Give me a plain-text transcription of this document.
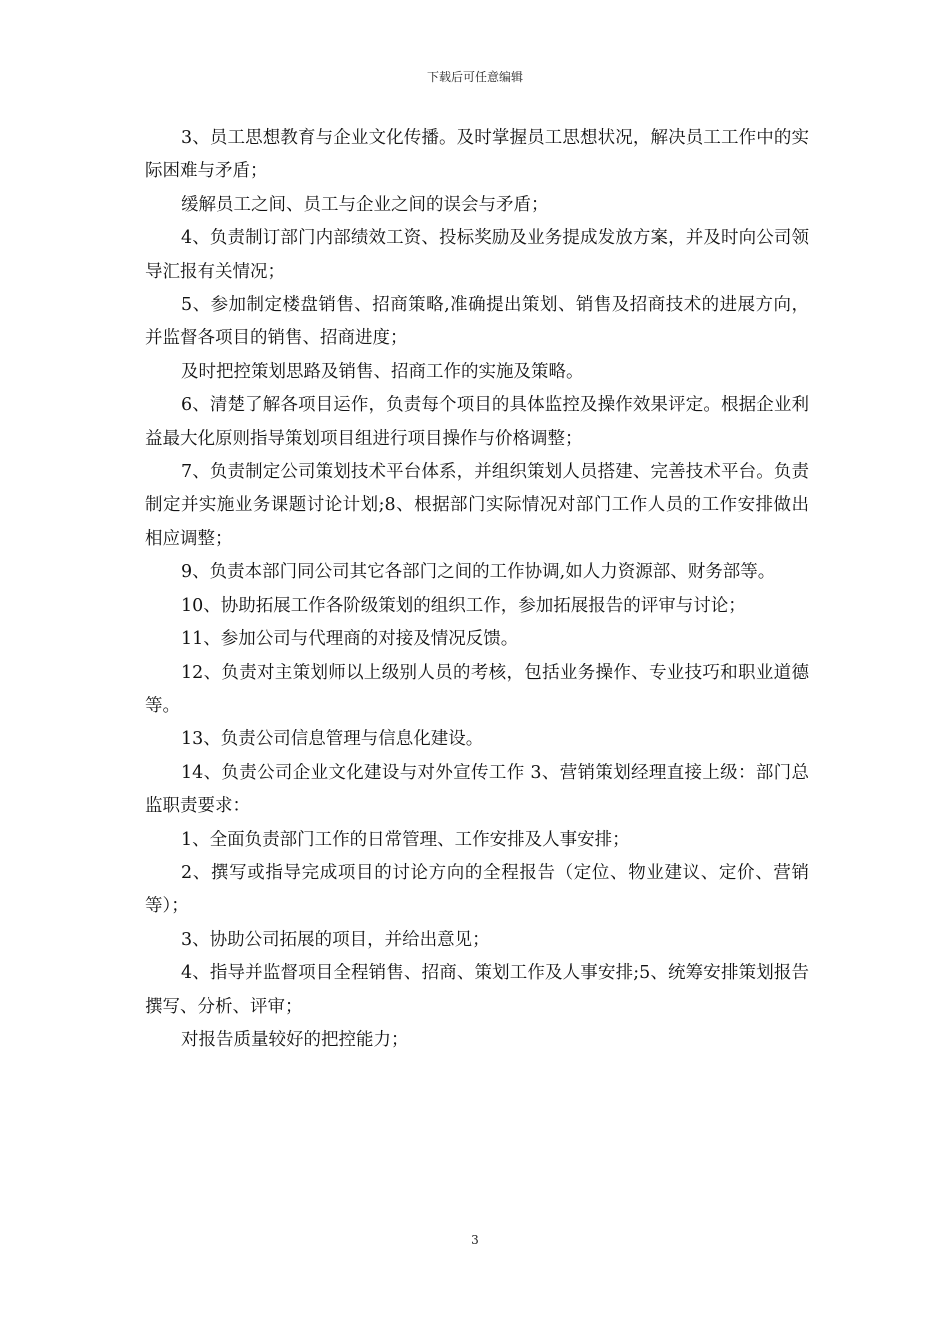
下载后可任意编辑

3、员工思想教育与企业文化传播。及时掌握员工思想状况，解决员工工作中的实际困难与矛盾；

缓解员工之间、员工与企业之间的误会与矛盾；

4、负责制订部门内部绩效工资、投标奖励及业务提成发放方案，并及时向公司领导汇报有关情况；

5、参加制定楼盘销售、招商策略,准确提出策划、销售及招商技术的进展方向，并监督各项目的销售、招商进度；

及时把控策划思路及销售、招商工作的实施及策略。

6、清楚了解各项目运作，负责每个项目的具体监控及操作效果评定。根据企业利益最大化原则指导策划项目组进行项目操作与价格调整；

7、负责制定公司策划技术平台体系，并组织策划人员搭建、完善技术平台。负责制定并实施业务课题讨论计划;8、根据部门实际情况对部门工作人员的工作安排做出相应调整；

9、负责本部门同公司其它各部门之间的工作协调,如人力资源部、财务部等。

10、协助拓展工作各阶级策划的组织工作，参加拓展报告的评审与讨论；

11、参加公司与代理商的对接及情况反馈。

12、负责对主策划师以上级别人员的考核，包括业务操作、专业技巧和职业道德等。

13、负责公司信息管理与信息化建设。

14、负责公司企业文化建设与对外宣传工作 3、营销策划经理直接上级：部门总监职责要求：

1、全面负责部门工作的日常管理、工作安排及人事安排；

2、撰写或指导完成项目的讨论方向的全程报告（定位、物业建议、定价、营销等）；

3、协助公司拓展的项目，并给出意见；

4、指导并监督项目全程销售、招商、策划工作及人事安排;5、统筹安排策划报告撰写、分析、评审；

对报告质量较好的把控能力；

3
